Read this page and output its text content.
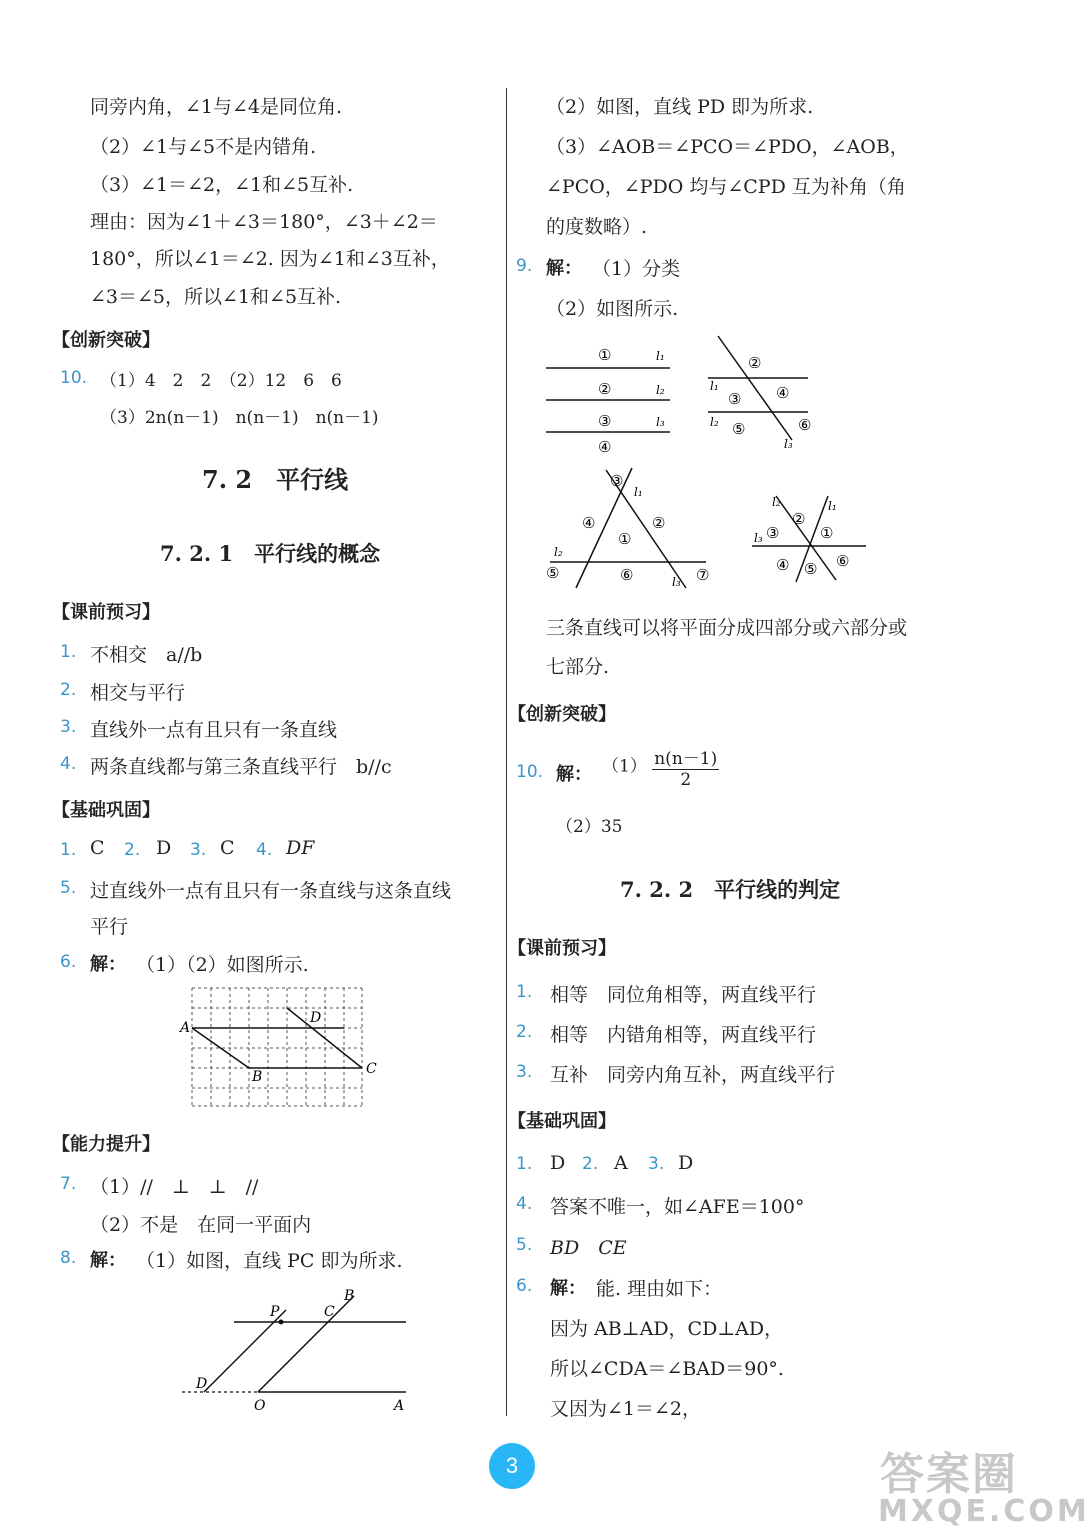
同旁内角，∠1与∠4是同位角.
（2）∠1与∠5不是内错角.
（3）∠1＝∠2，∠1和∠5互补.
理由：因为∠1＋∠3＝180°，∠3＋∠2＝
180°，所以∠1＝∠2. 因为∠1和∠3互补，
∠3＝∠5，所以∠1和∠5互补.
【创新突破】
10. （1）4　2　2　（2）12　6　6
（3）2n(n－1)　n(n－1)　n(n－1)
7. 2　平行线
7. 2. 1　平行线的概念
【课前预习】
1. 不相交　a//b
2. 相交与平行
3. 直线外一点有且只有一条直线
4. 两条直线都与第三条直线平行　b//c
【基础巩固】
1. C 2. D 3. C 4. DF
5. 过直线外一点有且只有一条直线与这条直线
平行
6. 解： （1）（2）如图所示.
【能力提升】
7. （1）//　⊥　⊥　//
（2）不是　在同一平面内
8. 解： （1）如图，直线 PC 即为所求.
A
B	C
D
P	C
B
D
O	A
（2）如图，直线 PD 即为所求.
（3）∠AOB＝∠PCO＝∠PDO，∠AOB，
∠PCO，∠PDO 均与∠CPD 互为补角（角
的度数略）.
9. 解： （1）分类
（2）如图所示.
三条直线可以将平面分成四部分或六部分或
七部分.
【创新突破】
10. 解： $(1) \frac{n(n-1)}{2}$
（2）35
7. 2. 2　平行线的判定
【课前预习】
1. 相等　同位角相等，两直线平行
2. 相等　内错角相等，两直线平行
3. 互补　同旁内角互补，两直线平行
【基础巩固】
1. D 2. A 3. D
4. 答案不唯一，如∠AFE＝100°
5. BD　CE
6. 解： 能. 理由如下：
因为 AB⊥AD，CD⊥AD，
所以∠CDA＝∠BAD＝90°.
又因为∠1＝∠2，
①
②
③
④
l₁
l₂
l₃
②
④
③
⑤	⑥
l₁
l₂
l₃
③
④	②
①
⑤	⑥	⑦
l₁
l₂
l₃
②
①
③
④ ⑤ ⑥
l₂	l₁
l₃
3	答案圈
MXQE.COM
